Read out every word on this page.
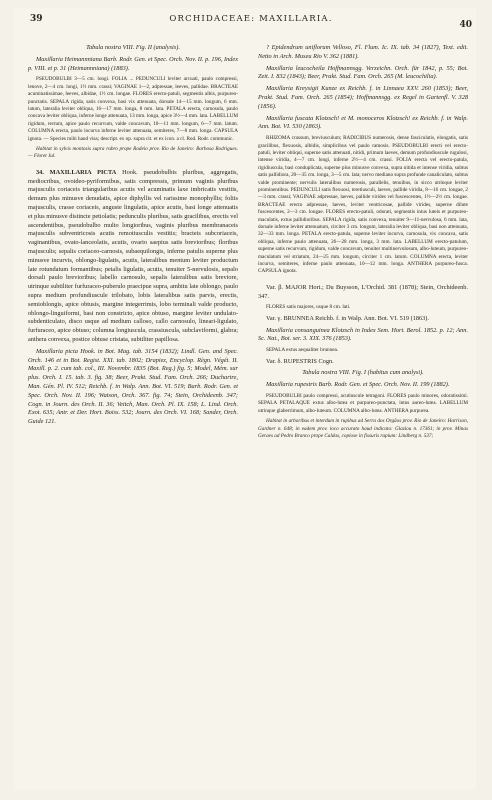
39	ORCHIDACEAE: MAXILLARIA.
40

Tabula nostra VIII. Fig. II (analysis).

Maxillaria Heimannniana Barb. Rodr. Gen. et Spec. Orch. Nov. II. p. 196, Index p. VIII. et p. 31 (Heimannniana) (1883).

PSEUDOBULBI 3—5 cm. longi. FOLIA ... PEDUNCULI leviter arcuati, paulo compressi, lenove, 2—4 cm. longi, 1½ mm. crassi; VAGINAE 1—2, adpressae, leeves, pallidae. BRACTEAE acuminatissimae, leeves, albidae, 1½ cm. longae. FLORES erecto-patuli, segmentis albis, purpureo-punctatis. SEPALA rigida, satis convexa, basi vix attenuata, dorsale 14—15 mm. longum, 6 mm. latum, lateralia leviter obliqua, 16—17 mm. longa, 8 mm. lata. PETALA erecta, carnosula, paulo concava leviter obliqua, inferne longe attenuata, 13 mm. longa, apice 3½—4 mm. lata. LABELLUM rigidum, rectum, apice paulo recurvum, valde concavum, 10—11 mm. longum, 6—7 mm. latum. COLUMNA erecta, paulo incurva inferne leviter attenuata, semiteres, 7—8 mm. longa. CAPSULA ignota. — Species mihi haud visa; descript. ex op. supra cit. et ex icon. a cl. Rod. Rodr. communic.

Habitat in sylvis montosis supra rubro prope Rodeio prov. Rio de Janeiro: Barbosa Rodrigues. — Floret Jul.

34. MAXILLARIA PICTA Hook. pseudobulbis pluribus, aggregatis, mediocribus, ovoideo-pyriformibus, satis compressis, primum vaginis pluribus majusculis coriaceis triangularibus acutis vel acuminatis laxe imbricatis vestitis, demum plus minusve denudatis, apice diphyllis vel rarissime monophyllis; foliis majusculis, crasse coriaceis, anguste lingulatis, apice acutis, basi longe attenuatis et plus minusve distincte petiolatis; pedunculis pluribus, satis gracilibus, erectis vel ascendentibus, pseudobulbo multo longioribus, vaginis pluribus membranaceis majusculis subventricosis acutis remotiusculis vestitis; bracteis subcoriaceis, vaginantibus, ovato-lanceolatis, acutis, ovario saepius satis brevioribus; floribus majusculis; sepalis coriaceo-carnosis, subaequilongis, inferne patulis superne plus minusve incurvis, oblongo-ligulatis, acutis, lateralibus mentum leviter productum late rotundatum formantibus; petalis ligulatis, acutis, tenuiter 5-nervulosis, sepalo dorsali paulo brevioribus; labello carnosulo, sepalis lateralibus satis breviore, utrinque subtiliter furfuraceo-puberulo praecipue supra, ambitu late oblongo, paulo supra medium profundiuscule trilobato, lobis lateralibus satis parvis, erectis, semioblongis, apice obtusis, margine integerrimis, lobo terminali valde producto, oblongo-linguiformi, basi non constricto, apice obtuso, margine leviter undulato-subdenticulato, disco usque ad medium calloso, callo carnosulo, lineari-ligulato, furfuraceo, apice obtuso; columna longiuscula, crassiuscula, subclaviformi, glabra; anthera convexa, postice obtuse cristata, subtiliter papillosa.

Maxillaria picta Hook. in Bot. Mag. tab. 3154 (1832); Lindl. Gen. and Spec. Orch. 146 et in Bot. Regist. XXI. tab. 1802; Drapiez, Encyclop. Règn. Végét. II. Maxill. p. 2. cum tab. col., III. Novembr. 1835 (Bot. Reg.) fig. 5; Model, Mém. sur plus. Orch. I. 15. tab. 3. fig. 38; Beer, Prakt. Stud. Fam. Orch. 266; Duchartre, Man. Gén. Pl. IV. 512; Reichb. f. in Walp. Ann. Bot. VI. 519; Barb. Rodr. Gen. et Spec. Orch. Nov. II. 196; Watson, Orch. 367. fig. 74; Stein, Orchideenb. 347; Cogn. in Journ. des Orch. II. 36; Veitch, Man. Orch. Pl. IX. 158; L. Lind. Orch. Exot. 635; Antr. et Der. Hort. Boiss. 532; Journ. des Orch. VI. 168; Sander, Orch. Guide 121.

? Epidendrum uniflorum Velloso, Fl. Flum. Ic. IX. tab. 34 (1827), Text. edit. Netto in Arch. Museu Rio V. 362 (1881).

Maxillaria leucocheila Hoffmannsgg. Verzeichn. Orch. für 1842, p. 55; Bot. Zeit. I. 832 (1843); Beer, Prakt. Stud. Fam. Orch. 265 (M. leucochilia).

Maxillaria Kreysigii Kunze ex Reichb. f. in Linnaea XXV. 260 (1853); Beer, Prakt. Stud. Fam. Orch. 265 (1854); Hoffmannsgg. ex Regel in Gartenfl. V. 328 (1856).

Maxillaria fuscata Klotzsch! et M. monoceros Klotzsch! ex Reichb. f. in Walp. Ann. Bot. VI. 530 (1863).

RHIZOMA crassum, breviusculum; RADICIBUS numerosis, dense fasciculatis, elongatis, satis gracilibus, flexuosis, albidis, simplicibus vel paulo ramosis. PSEUDOBULBI erecti vel erecto-patuli, leviter obliqui, superne satis attenuati, nitidi, primum laeves, demum profundiuscule rugulosi, intense viridia, 4—7 cm. longi, inferne 2½—4 cm. crassi. FOLIA erecta vel erecto-patula, rigidiuscula, basi conduplicata, superne plus minusve convexa, supra nitida et intense viridia, subtus satis pallidiora, 20—35 cm. longa, 3—5 cm. lata; nervo mediano supra profunde canaliculato, subtus valde prominente; nervulis lateralibus numerosis, parallelis, tenuibus, in sicco utrinque leviter prominentibus. PEDUNCULI satis flexuosi, teretiusculi, laeves, pallide viridia, 8—16 cm. longae, 2—3 mm. crassi; VAGINAE adpressae, laeves, pallide virides vel fuscescentes, 1½—2½ cm. longae. BRACTEAE erecto adpressae, laeves, leviter ventricosae, pallide virides, superne dilute fuscescentes, 2—3 cm. longae. FLORES erecto-patuli, odorati, segmentis intus luteis et purpureo-maculatis, extus pallidioribus. SEPALA rigida, satis convexa, tenuiter 9—11-nervulosa, 6 mm. lata, dorsale inferne leviter attenuatum, circiter 3 cm. longum, lateralia leviter obliqua, basi non attenuata, 32—33 mm. longa. PETALA erecto-patula, superne leviter incurva, carnosula, vix concava, satis obliqua, inferne paulo attenuata, 26—28 mm. longa, 3 mm. lata. LABELLUM erecto-patulum, superne satis recurvum, rigidum, valde concavum, tenuiter multinervulosum, albo-luteum, purpureo-maculatum vel striatum, 24—25 mm. longum, circiter 1 cm. latum. COLUMNA erecta, leviter incurva, semiteres, inferne paulo attenuata, 10—12 mm. longa. ANTHERA purpureo-fusca. CAPSULA ignota.

Var. β. MAJOR Hort.; Du Buysson, L'Orchid. 381 (1878); Stein, Orchideenb. 347.

FLORES satis majores, usque 8 cm. lati.

Var. γ. BRUNNEA Reichb. f. in Walp. Ann. Bot. VI. 519 (1863).

Maxillaria consanguinea Klotzsch in Index Sem. Hort. Berol. 1852. p. 12; Ann. Sc. Nat., Bot. ser. 3. XIX. 376 (1853).

SEPALA extus aequaliter brunnea.

Var. δ. RUPESTRIS Cogn.

Tabula nostra VIII. Fig. I (habitus cum analysi).

Maxillaria rupestris Barb. Rodr. Gen. et Spec. Orch. Nov. II. 199 (1882).

PSEUDOBULBI paulo compressi, acutiuscule tetragoni. FLORES paulo minores, odoratissimi. SEPALA PETALAQUE extus albo-lutea et purpureo-punctata, intus aureo-lutea. LABELLUM utrinque glaberrimum, albo-luteum. COLUMNA albo-lutea. ANTHERA purpurea.

Habitat in arboribus et interdum in rupibus ad Serra dos Orgãos prov. Rio de Janeiro: Harrison, Gardner n. 648; in eadem prov. loco accurato haud indicato: Glaziou n. 17361; in prov. Minas Geraes ad Pedro Branco prope Caldas, copiose in fissuris rupium: Lindberg n. 537;
